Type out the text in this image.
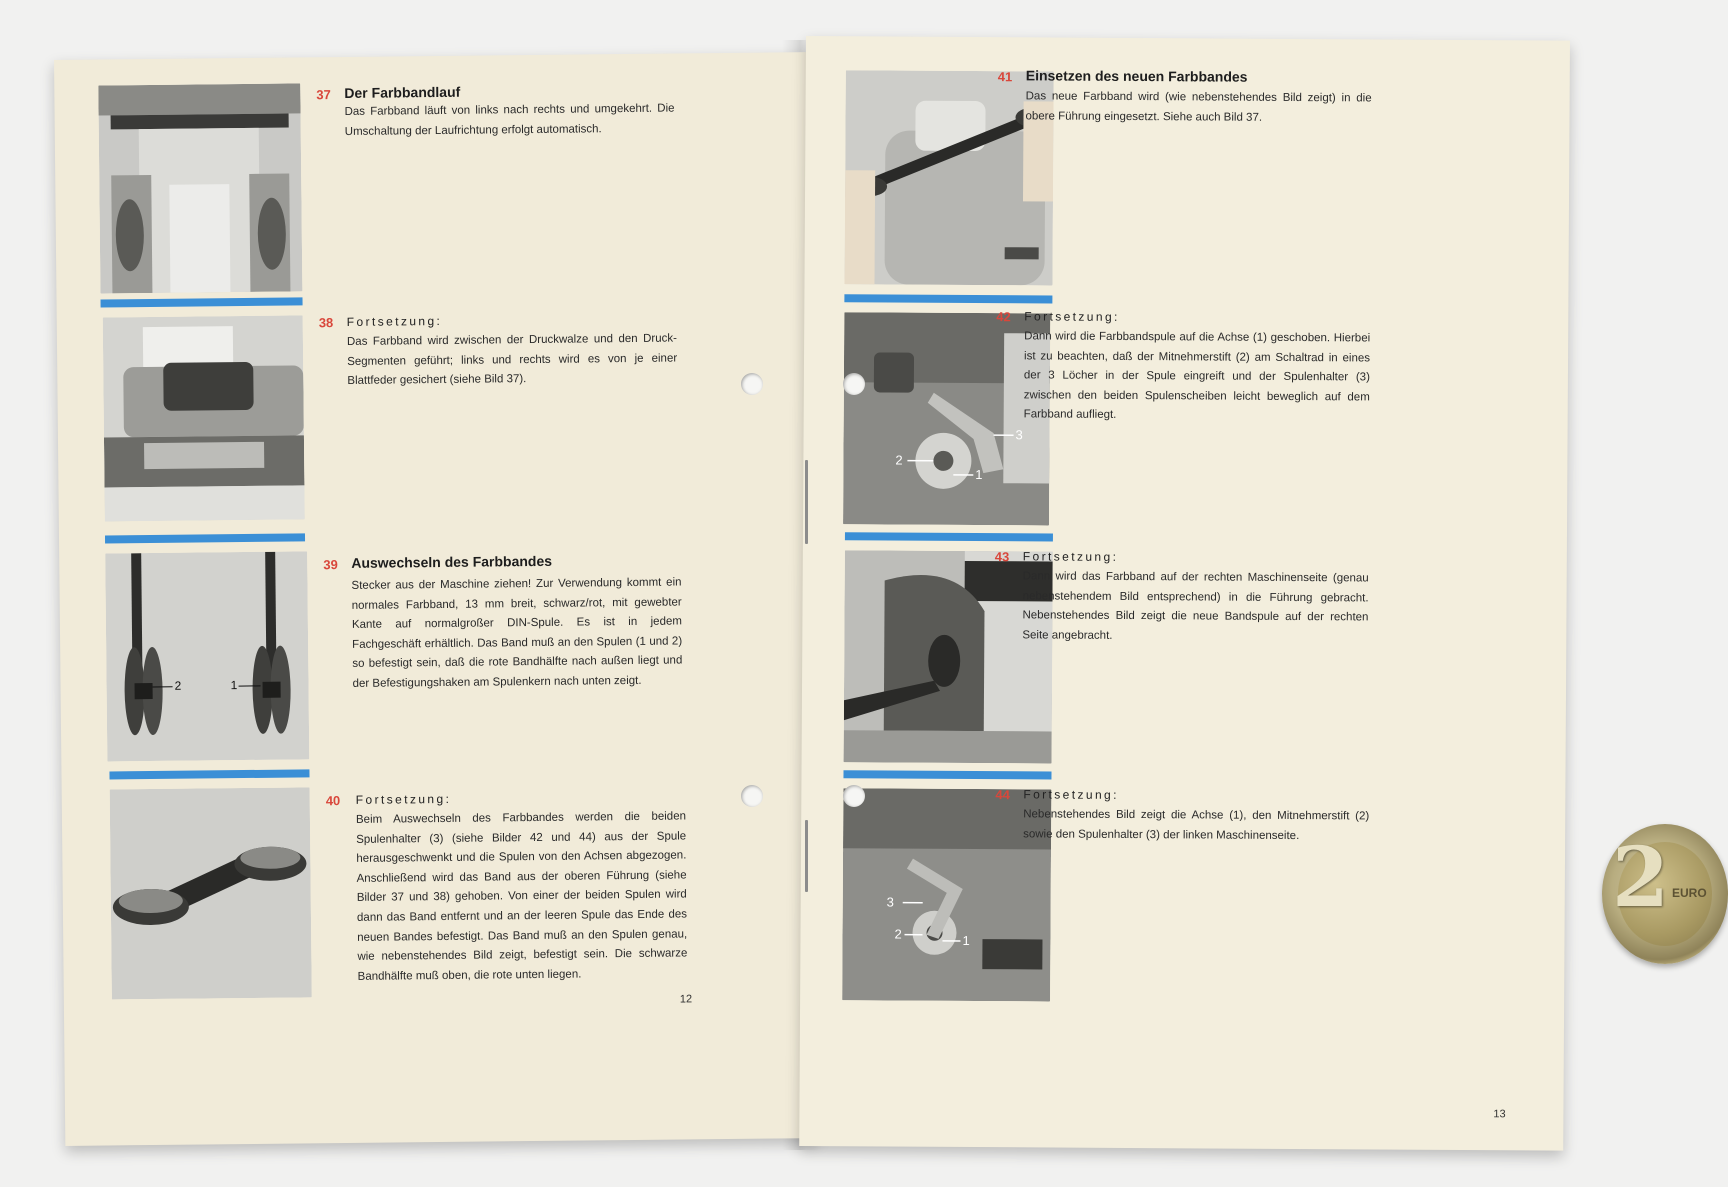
37 Der Farbbandlauf

Das Farbband läuft von links nach rechts und umgekehrt. Die Umschaltung der Laufrichtung erfolgt automatisch.

38 Fortsetzung:

Das Farbband wird zwischen der Druckwalze und den Druck-Segmenten geführt; links und rechts wird es von je einer Blattfeder gesichert (siehe Bild 37).

2	1
39 Auswechseln des Farbbandes

Stecker aus der Maschine ziehen! Zur Verwendung kommt ein normales Farbband, 13 mm breit, schwarz/rot, mit gewebter Kante auf normalgroßer DIN-Spule. Es ist in jedem Fachgeschäft erhältlich. Das Band muß an den Spulen (1 und 2) so befestigt sein, daß die rote Bandhälfte nach außen liegt und der Befestigungshaken am Spulenkern nach unten zeigt.

40 Fortsetzung:

Beim Auswechseln des Farbbandes werden die beiden Spulenhalter (3) (siehe Bilder 42 und 44) aus der Spule herausgeschwenkt und die Spulen von den Achsen abgezogen. Anschließend wird das Band aus der oberen Führung (siehe Bilder 37 und 38) gehoben. Von einer der beiden Spulen wird dann das Band entfernt und an der leeren Spule das Ende des neuen Bandes befestigt. Das Band muß an den Spulen genau, wie nebenstehendes Bild zeigt, befestigt sein. Die schwarze Bandhälfte muß oben, die rote unten liegen.

12
41 Einsetzen des neuen Farbbandes

Das neue Farbband wird (wie nebenstehendes Bild zeigt) in die obere Führung eingesetzt. Siehe auch Bild 37.

2
1
3
42 Fortsetzung:

Dann wird die Farbbandspule auf die Achse (1) geschoben. Hierbei ist zu beachten, daß der Mitnehmerstift (2) am Schaltrad in eines der 3 Löcher in der Spule eingreift und der Spulenhalter (3) zwischen den beiden Spulenscheiben leicht beweglich auf dem Farbband aufliegt.

43 Fortsetzung:

Dann wird das Farbband auf der rechten Maschinenseite (genau nebenstehendem Bild entsprechend) in die Führung gebracht. Nebenstehendes Bild zeigt die neue Bandspule auf der rechten Seite angebracht.

3
2	1
44 Fortsetzung:

Nebenstehendes Bild zeigt die Achse (1), den Mitnehmerstift (2) sowie den Spulenhalter (3) der linken Maschinenseite.

13
2 EURO
